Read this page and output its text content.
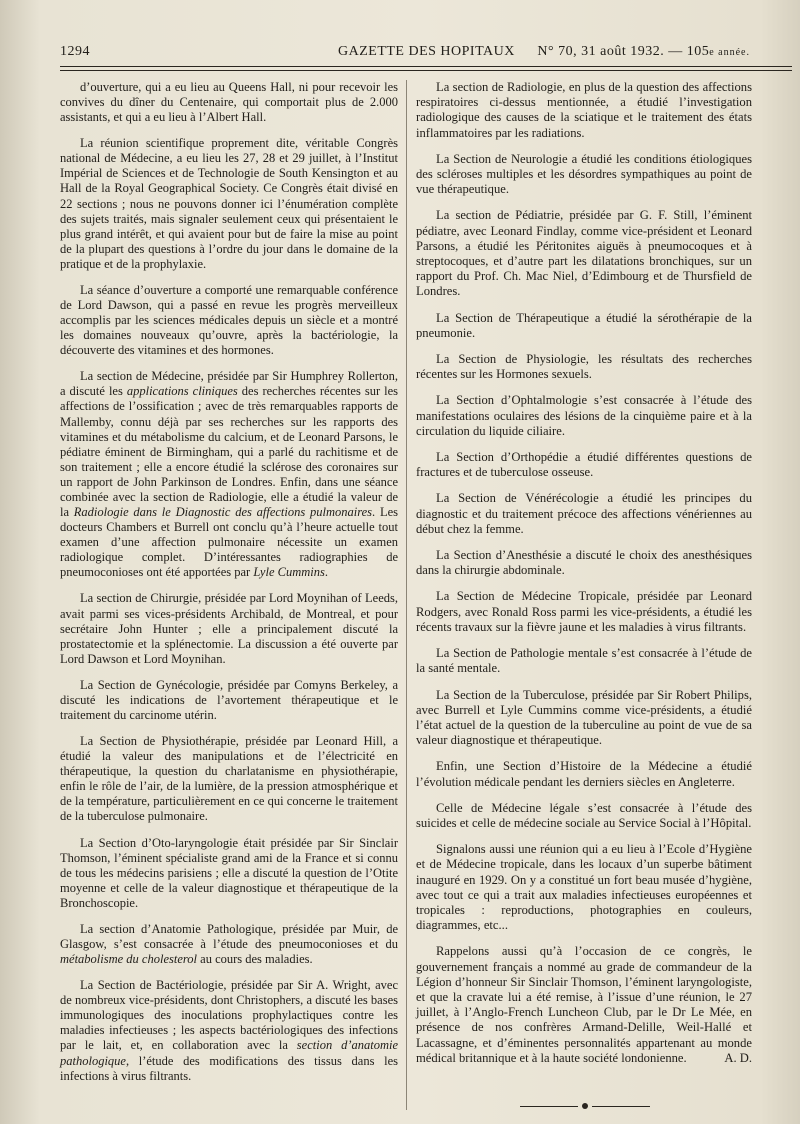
1294	GAZETTE DES HOPITAUX N° 70, 31 août 1932. — 105e année.

d’ouverture, qui a eu lieu au Queens Hall, ni pour recevoir les convives du dîner du Centenaire, qui comportait plus de 2.000 assistants, et qui a eu lieu à l’Albert Hall.

La réunion scientifique proprement dite, véritable Congrès national de Médecine, a eu lieu les 27, 28 et 29 juillet, à l’Institut Impérial de Sciences et de Technologie de South Kensington et au Hall de la Royal Geographical Society. Ce Congrès était divisé en 22 sections ; nous ne pouvons donner ici l’énumération complète des sujets traités, mais signaler seulement ceux qui présentaient le plus grand intérêt, et qui avaient pour but de faire la mise au point de la plupart des questions à l’ordre du jour dans le domaine de la pratique et de la prophylaxie.

La séance d’ouverture a comporté une remarquable conférence de Lord Dawson, qui a passé en revue les progrès merveilleux accomplis par les sciences médicales depuis un siècle et a montré les domaines nouveaux qu’ouvre, après la bactériologie, la découverte des vitamines et des hormones.

La section de Médecine, présidée par Sir Humphrey Rollerton, a discuté les applications cliniques des recherches récentes sur les affections de l’ossification ; avec de très remarquables rapports de Mallemby, connu déjà par ses recherches sur les rapports des vitamines et du métabolisme du calcium, et de Leonard Parsons, le pédiatre éminent de Birmingham, qui a parlé du rachitisme et de son traitement ; elle a encore étudié la sclérose des coronaires sur un rapport de John Parkinson de Londres. Enfin, dans une séance combinée avec la section de Radiologie, elle a étudié la valeur de la Radiologie dans le Diagnostic des affections pulmonaires. Les docteurs Chambers et Burrell ont conclu qu’à l’heure actuelle tout examen d’une affection pulmonaire nécessite un examen radiologique complet. D’intéressantes radiographies de pneumoconioses ont été apportées par Lyle Cummins.

La section de Chirurgie, présidée par Lord Moynihan of Leeds, avait parmi ses vices-présidents Archibald, de Montreal, et pour secrétaire John Hunter ; elle a principalement discuté la prostatectomie et la splénectomie. La discussion a été ouverte par Lord Dawson et Lord Moynihan.

La Section de Gynécologie, présidée par Comyns Berkeley, a discuté les indications de l’avortement thérapeutique et le traitement du carcinome utérin.

La Section de Physiothérapie, présidée par Leonard Hill, a étudié la valeur des manipulations et de l’électricité en thérapeutique, la question du charlatanisme en physiothérapie, enfin le rôle de l’air, de la lumière, de la pression atmosphérique et de la température, particulièrement en ce qui concerne le traitement de la tuberculose pulmonaire.

La Section d’Oto-laryngologie était présidée par Sir Sinclair Thomson, l’éminent spécialiste grand ami de la France et si connu de tous les médecins parisiens ; elle a discuté la question de l’Otite moyenne et celle de la valeur diagnostique et thérapeutique de la Bronchoscopie.

La section d’Anatomie Pathologique, présidée par Muir, de Glasgow, s’est consacrée à l’étude des pneumoconioses et du métabolisme du cholesterol au cours des maladies.

La Section de Bactériologie, présidée par Sir A. Wright, avec de nombreux vice-présidents, dont Christophers, a discuté les bases immunologiques des inoculations prophylactiques contre les maladies infectieuses ; les aspects bactériologiques des infections par le lait, et, en collaboration avec la section d’anatomie pathologique, l’étude des modifications des tissus dans les infections à virus filtrants.

La section de Radiologie, en plus de la question des affections respiratoires ci-dessus mentionnée, a étudié l’investigation radiologique des causes de la sciatique et le traitement des états inflammatoires par les radiations.

La Section de Neurologie a étudié les conditions étiologiques des scléroses multiples et les désordres sympathiques au point de vue thérapeutique.

La section de Pédiatrie, présidée par G. F. Still, l’éminent pédiatre, avec Leonard Findlay, comme vice-président et Leonard Parsons, a étudié les Péritonites aiguës à pneumocoques et à streptocoques, et d’autre part les dilatations bronchiques, sur un rapport du Prof. Ch. Mac Niel, d’Edimbourg et de Thursfield de Londres.

La Section de Thérapeutique a étudié la sérothérapie de la pneumonie.

La Section de Physiologie, les résultats des recherches récentes sur les Hormones sexuels.

La Section d’Ophtalmologie s’est consacrée à l’étude des manifestations oculaires des lésions de la cinquième paire et à la circulation du liquide ciliaire.

La Section d’Orthopédie a étudié différentes questions de fractures et de tuberculose osseuse.

La Section de Vénérécologie a étudié les principes du diagnostic et du traitement précoce des affections vénériennes au début chez la femme.

La Section d’Anesthésie a discuté le choix des anesthésiques dans la chirurgie abdominale.

La Section de Médecine Tropicale, présidée par Leonard Rodgers, avec Ronald Ross parmi les vice-présidents, a étudié les récents travaux sur la fièvre jaune et les maladies à virus filtrants.

La Section de Pathologie mentale s’est consacrée à l’étude de la santé mentale.

La Section de la Tuberculose, présidée par Sir Robert Philips, avec Burrell et Lyle Cummins comme vice-présidents, a étudié l’état actuel de la question de la tuberculine au point de vue de sa valeur diagnostique et thérapeutique.

Enfin, une Section d’Histoire de la Médecine a étudié l’évolution médicale pendant les derniers siècles en Angleterre.

Celle de Médecine légale s’est consacrée à l’étude des suicides et celle de médecine sociale au Service Social à l’Hôpital.

Signalons aussi une réunion qui a eu lieu à l’Ecole d’Hygiène et de Médecine tropicale, dans les locaux d’un superbe bâtiment inauguré en 1929. On y a constitué un fort beau musée d’hygiène, avec tout ce qui a trait aux maladies infectieuses européennes et tropicales : reproductions, photographies en couleurs, diagrammes, etc...

Rappelons aussi qu’à l’occasion de ce congrès, le gouvernement français a nommé au grade de commandeur de la Légion d’honneur Sir Sinclair Thomson, l’éminent laryngologiste, et que la cravate lui a été remise, à l’issue d’une réunion, le 27 juillet, à l’Anglo-French Luncheon Club, par le Dr Le Mée, en présence de nos confrères Armand-Delille, Weil-Hallé et Lacassagne, et d’éminentes personnalités appartenant au monde médical britannique et à la haute société londonienne.	A. D.
